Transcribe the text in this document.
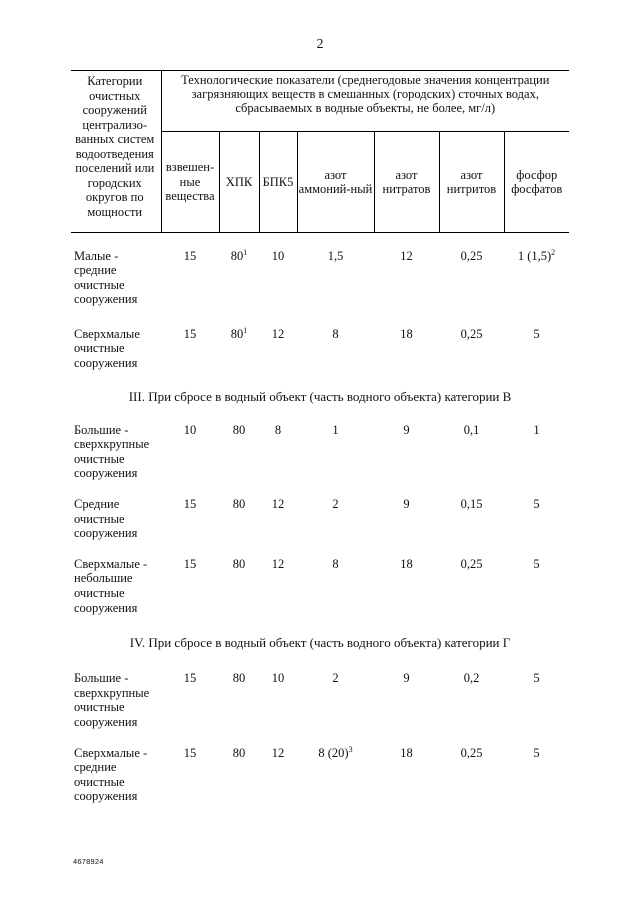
2
Категории очистных сооружений централизо-ванных систем водоотведения поселений или городских округов по мощности	Технологические показатели (среднегодовые значения концентрации загрязняющих веществ в смешанных (городских) сточных водах, сбрасываемых в водные объекты, не более, мг/л)						
	взвешен-ные вещества	ХПК	БПК5	азот аммоний-ный	азот нитратов	азот нитритов	фосфор фосфатов

Малые - средние очистные сооружения	15	$80^1$	10	1,5	12	0,25	1 $(1,5)^2$

Сверхмалые очистные сооружения	15	$80^1$	12	8	18	0,25	5
III. При сбросе в водный объект (часть водного объекта) категории В							
Большие - сверхкрупные очистные сооружения	10	80	8	1	9	0,1	1

Средние очистные сооружения	15	80	12	2	9	0,15	5

Сверхмалые - небольшие очистные сооружения	15	80	12	8	18	0,25	5
IV. При сбросе в водный объект (часть водного объекта) категории Г							
Большие - сверхкрупные очистные сооружения	15	80	10	2	9	0,2	5

Сверхмалые - средние очистные сооружения	15	80	12	8 $(20)^3$	18	0,25	5
4678924
